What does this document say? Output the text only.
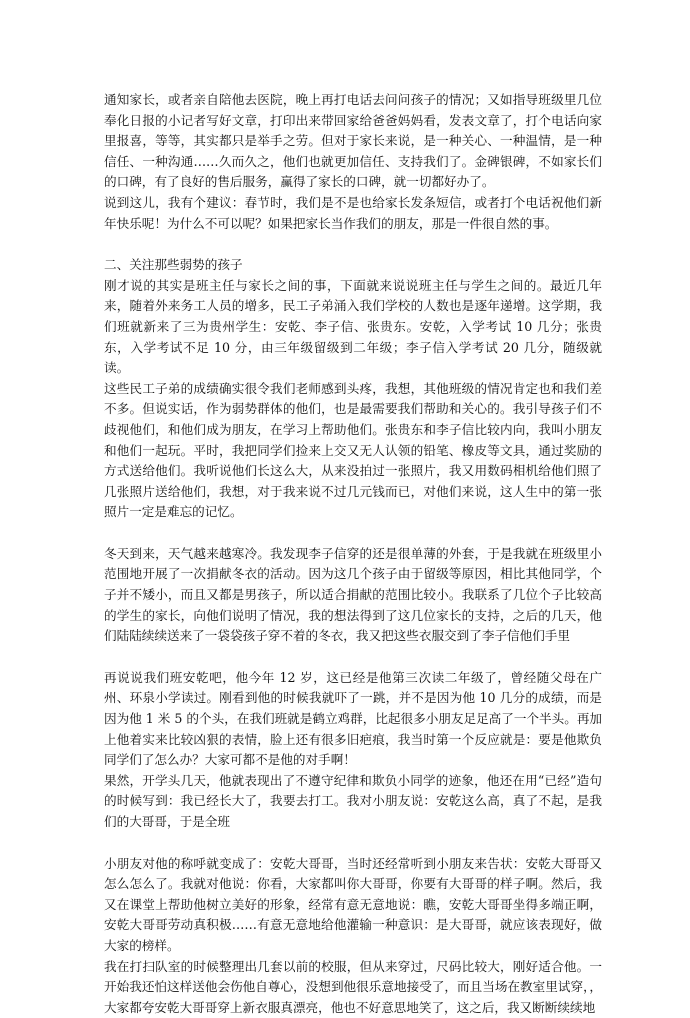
通知家长，或者亲自陪他去医院，晚上再打电话去问问孩子的情况；又如指导班级里几位奉化日报的小记者写好文章，打印出来带回家给爸爸妈妈看，发表文章了，打个电话向家里报喜，等等，其实都只是举手之劳。但对于家长来说，是一种关心、一种温情，是一种信任、一种沟通……久而久之，他们也就更加信任、支持我们了。金碑银碑，不如家长们的口碑，有了良好的售后服务，赢得了家长的口碑，就一切都好办了。

说到这儿，我有个建议：春节时，我们是不是也给家长发条短信，或者打个电话祝他们新年快乐呢！为什么不可以呢？如果把家长当作我们的朋友，那是一件很自然的事。

二、关注那些弱势的孩子

刚才说的其实是班主任与家长之间的事，下面就来说说班主任与学生之间的。最近几年来，随着外来务工人员的增多，民工子弟涌入我们学校的人数也是逐年递增。这学期，我们班就新来了三为贵州学生：安乾、李子信、张贵东。安乾，入学考试 10 几分；张贵东，入学考试不足 10 分，由三年级留级到二年级；李子信入学考试 20 几分，随级就读。

这些民工子弟的成绩确实很令我们老师感到头疼，我想，其他班级的情况肯定也和我们差不多。但说实话，作为弱势群体的他们，也是最需要我们帮助和关心的。我引导孩子们不歧视他们，和他们成为朋友，在学习上帮助他们。张贵东和李子信比较内向，我叫小朋友和他们一起玩。平时，我把同学们捡来上交又无人认领的铅笔、橡皮等文具，通过奖励的方式送给他们。我听说他们长这么大，从来没拍过一张照片，我又用数码相机给他们照了几张照片送给他们，我想，对于我来说不过几元钱而已，对他们来说，这人生中的第一张照片一定是难忘的记忆。

冬天到来，天气越来越寒冷。我发现李子信穿的还是很单薄的外套，于是我就在班级里小范围地开展了一次捐献冬衣的活动。因为这几个孩子由于留级等原因，相比其他同学，个子并不矮小，而且又都是男孩子，所以适合捐献的范围比较小。我联系了几位个子比较高的学生的家长，向他们说明了情况，我的想法得到了这几位家长的支持，之后的几天，他们陆陆续续送来了一袋袋孩子穿不着的冬衣，我又把这些衣服交到了李子信他们手里

再说说我们班安乾吧，他今年 12 岁，这已经是他第三次读二年级了，曾经随父母在广州、环泉小学读过。刚看到他的时候我就吓了一跳，并不是因为他 10 几分的成绩，而是因为他 1 米 5 的个头，在我们班就是鹤立鸡群，比起很多小朋友足足高了一个半头。再加上他着实来比较凶狠的表情，脸上还有很多旧疤痕，我当时第一个反应就是：要是他欺负同学们了怎么办？大家可都不是他的对手啊！

果然，开学头几天，他就表现出了不遵守纪律和欺负小同学的迹象，他还在用“已经”造句的时候写到：我已经长大了，我要去打工。我对小朋友说：安乾这么高，真了不起，是我们的大哥哥，于是全班

小朋友对他的称呼就变成了：安乾大哥哥，当时还经常听到小朋友来告状：安乾大哥哥又怎么怎么了。我就对他说：你看，大家都叫你大哥哥，你要有大哥哥的样子啊。然后，我又在课堂上帮助他树立美好的形象，经常有意无意地说：瞧，安乾大哥哥坐得多端正啊，安乾大哥哥劳动真积极……有意无意地给他灌输一种意识：是大哥哥，就应该表现好，做大家的榜样。

我在打扫队室的时候整理出几套以前的校服，但从来穿过，尺码比较大，刚好适合他。一开始我还怕这样送他会伤他自尊心，没想到他很乐意地接受了，而且当场在教室里试穿，，大家都夸安乾大哥哥穿上新衣服真漂亮，他也不好意思地笑了，这之后，我又断断续续地
